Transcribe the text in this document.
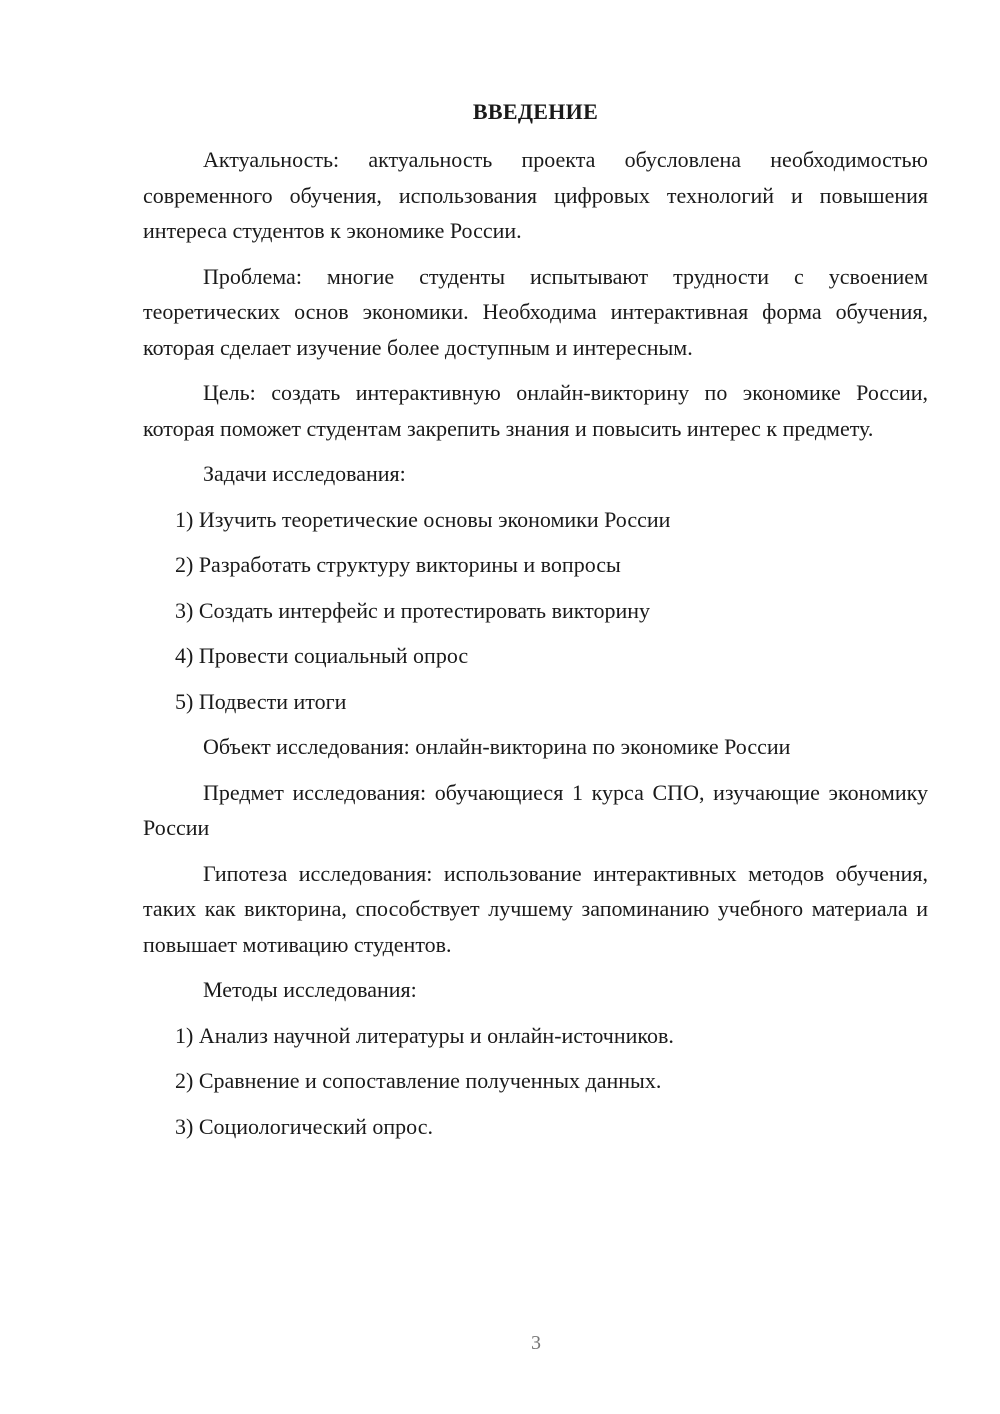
ВВЕДЕНИЕ

Актуальность: актуальность проекта обусловлена необходимостью современного обучения, использования цифровых технологий и повышения интереса студентов к экономике России.

Проблема: многие студенты испытывают трудности с усвоением теоретических основ экономики. Необходима интерактивная форма обучения, которая сделает изучение более доступным и интересным.

Цель: создать интерактивную онлайн-викторину по экономике России, которая поможет студентам закрепить знания и повысить интерес к предмету.

Задачи исследования:

1) Изучить теоретические основы экономики России
2) Разработать структуру викторины и вопросы
3) Создать интерфейс и протестировать викторину
4) Провести социальный опрос
5) Подвести итоги

Объект исследования: онлайн-викторина по экономике России

Предмет исследования: обучающиеся 1 курса СПО, изучающие экономику России

Гипотеза исследования: использование интерактивных методов обучения, таких как викторина, способствует лучшему запоминанию учебного материала и повышает мотивацию студентов.

Методы исследования:

1) Анализ научной литературы и онлайн-источников.
2) Сравнение и сопоставление полученных данных.
3) Социологический опрос.
3
